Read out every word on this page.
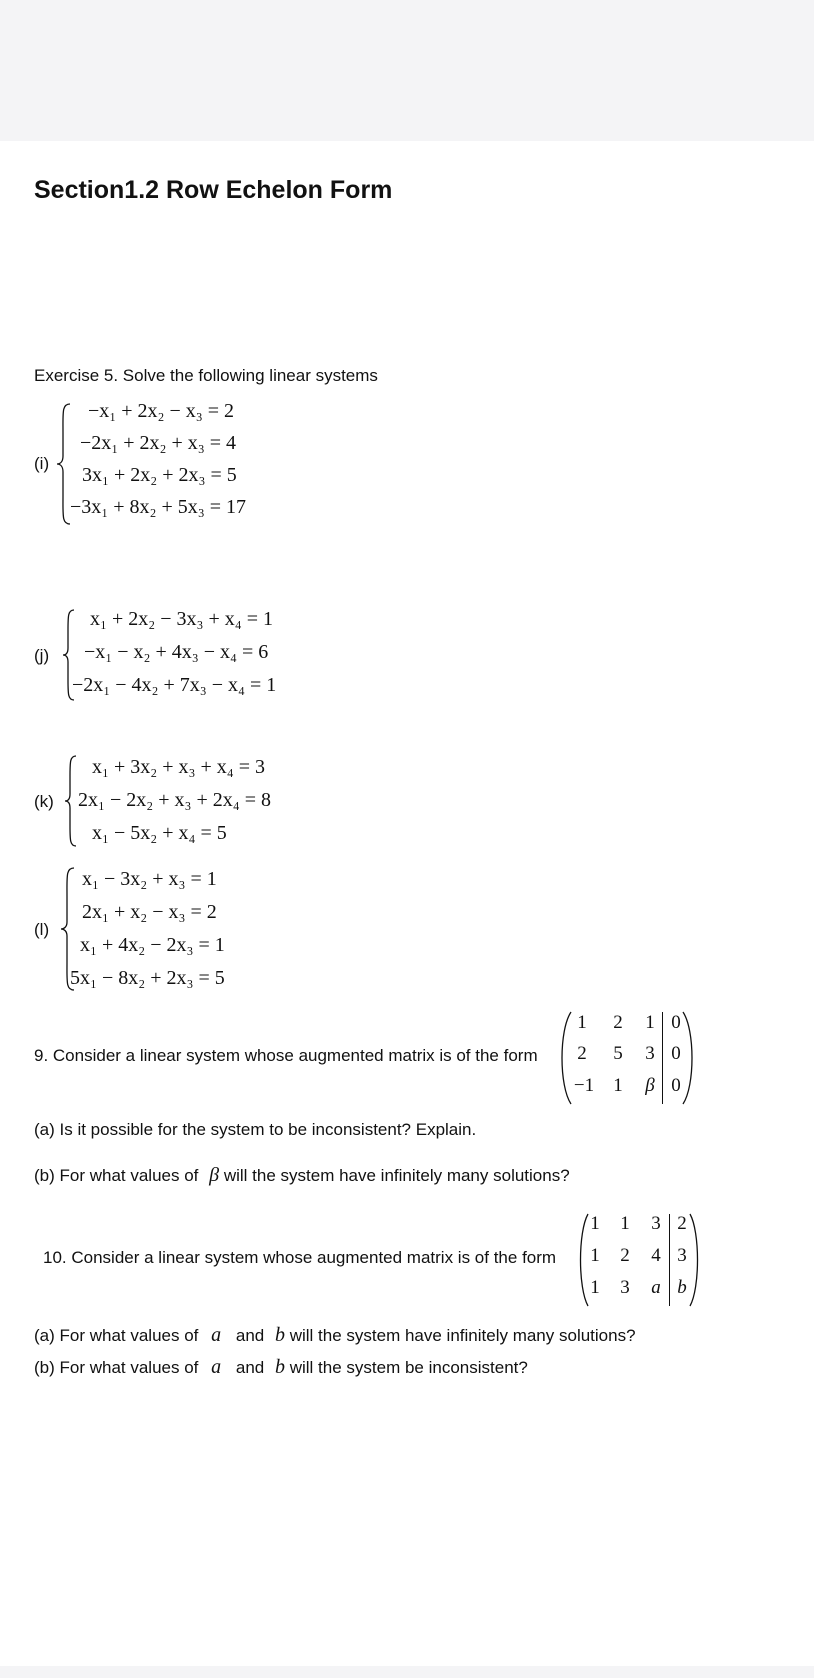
Section1.2 Row Echelon Form
Exercise 5. Solve the following linear systems
(i)
−x₁ + 2x₂ − x₃ = 2
−2x₁ + 2x₂ + x₃ = 4
3x₁ + 2x₂ + 2x₃ = 5
−3x₁ + 8x₂ + 5x₃ = 17
(j)
x₁ + 2x₂ − 3x₃ + x₄ = 1
−x₁ − x₂ + 4x₃ − x₄ = 6
−2x₁ − 4x₂ + 7x₃ − x₄ = 1
(k)
x₁ + 3x₂ + x₃ + x₄ = 3
2x₁ − 2x₂ + x₃ + 2x₄ = 8
x₁ − 5x₂ + x₄ = 5
(l)
x₁ − 3x₂ + x₃ = 1
2x₁ + x₂ − x₃ = 2
x₁ + 4x₂ − 2x₃ = 1
5x₁ − 8x₂ + 2x₃ = 5
9. Consider a linear system whose augmented matrix is of the form
1	2	1 0
2	5	3 0
−1	1	β 0
(a) Is it possible for the system to be inconsistent? Explain.
(b) For what values of β will the system have infinitely many solutions?
10. Consider a linear system whose augmented matrix is of the form
1	1	3 2
1	2	4 3
1	3	a b
(a) For what values of a and b will the system have infinitely many solutions?
(b) For what values of a and b will the system be inconsistent?
